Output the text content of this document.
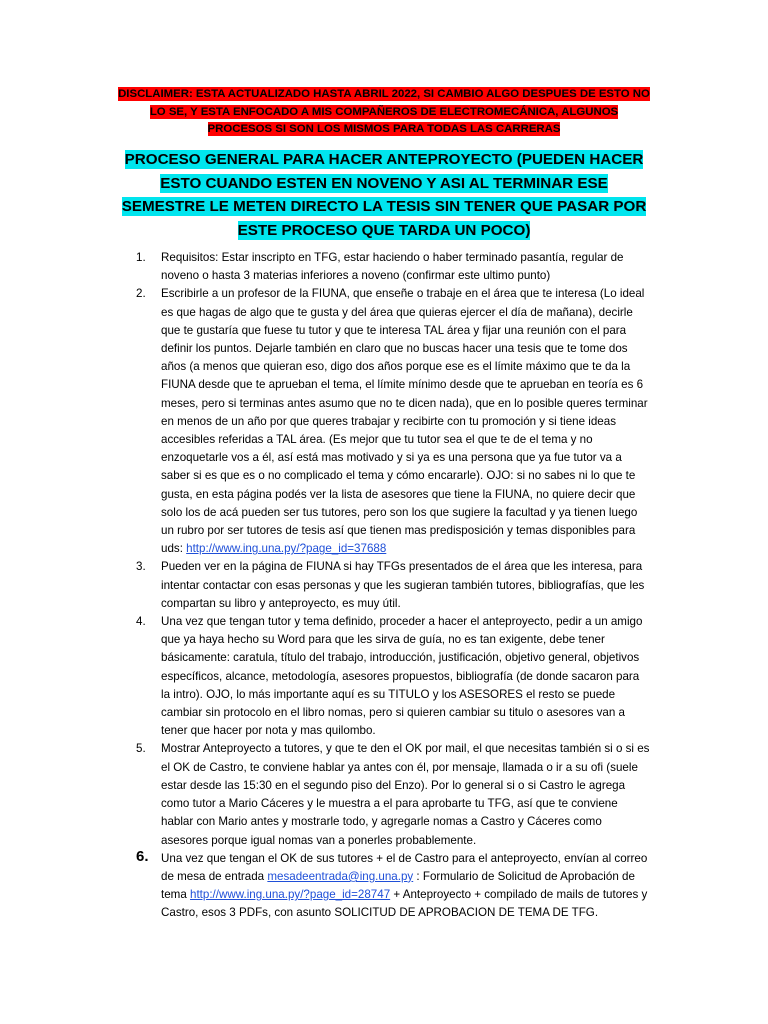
DISCLAIMER: ESTA ACTUALIZADO HASTA ABRIL 2022, SI CAMBIO ALGO DESPUES DE ESTO NO LO SE, Y ESTA ENFOCADO A MIS COMPAÑEROS DE ELECTROMECÁNICA, ALGUNOS PROCESOS SI SON LOS MISMOS PARA TODAS LAS CARRERAS
PROCESO GENERAL PARA HACER ANTEPROYECTO (PUEDEN HACER ESTO CUANDO ESTEN EN NOVENO Y ASI AL TERMINAR ESE SEMESTRE LE METEN DIRECTO LA TESIS SIN TENER QUE PASAR POR ESTE PROCESO QUE TARDA UN POCO)
1.	Requisitos: Estar inscripto en TFG, estar haciendo o haber terminado pasantía, regular de noveno o hasta 3 materias inferiores a noveno (confirmar este ultimo punto)
2.	Escribirle a un profesor de la FIUNA, que enseñe o trabaje en el área que te interesa (Lo ideal es que hagas de algo que te gusta y del área que quieras ejercer el día de mañana), decirle que te gustaría que fuese tu tutor y que te interesa TAL área y fijar una reunión con el para definir los puntos. Dejarle también en claro que no buscas hacer una tesis que te tome dos años (a menos que quieran eso, digo dos años porque ese es el límite máximo que te da la FIUNA desde que te aprueban el tema, el límite mínimo desde que te aprueban en teoría es 6 meses, pero si terminas antes asumo que no te dicen nada), que en lo posible queres terminar en menos de un año por que queres trabajar y recibirte con tu promoción y si tiene ideas accesibles referidas a TAL área. (Es mejor que tu tutor sea el que te de el tema y no enzoquetarle vos a él, así está mas motivado y si ya es una persona que ya fue tutor va a saber si es que es o no complicado el tema y cómo encararle). OJO: si no sabes ni lo que te gusta, en esta página podés ver la lista de asesores que tiene la FIUNA, no quiere decir que solo los de acá pueden ser tus tutores, pero son los que sugiere la facultad y ya tienen luego un rubro por ser tutores de tesis así que tienen mas predisposición y temas disponibles para uds: http://www.ing.una.py/?page_id=37688
3.	Pueden ver en la página de FIUNA si hay TFGs presentados de el área que les interesa, para intentar contactar con esas personas y que les sugieran también tutores, bibliografías, que les compartan su libro y anteproyecto, es muy útil.
4.	Una vez que tengan tutor y tema definido, proceder a hacer el anteproyecto, pedir a un amigo que ya haya hecho su Word para que les sirva de guía, no es tan exigente, debe tener básicamente: caratula, título del trabajo, introducción, justificación, objetivo general, objetivos específicos, alcance, metodología, asesores propuestos, bibliografía (de donde sacaron para la intro). OJO, lo más importante aquí es su TITULO y los ASESORES el resto se puede cambiar sin protocolo en el libro nomas, pero si quieren cambiar su titulo o asesores van a tener que hacer por nota y mas quilombo.
5.	Mostrar Anteproyecto a tutores, y que te den el OK por mail, el que necesitas también si o si es el OK de Castro, te conviene hablar ya antes con él, por mensaje, llamada o ir a su ofi (suele estar desde las 15:30 en el segundo piso del Enzo). Por lo general si o si Castro le agrega como tutor a Mario Cáceres y le muestra a el para aprobarte tu TFG, así que te conviene hablar con Mario antes y mostrarle todo, y agregarle nomas a Castro y Cáceres como asesores porque igual nomas van a ponerles probablemente.
6.	Una vez que tengan el OK de sus tutores + el de Castro para el anteproyecto, envían al correo de mesa de entrada mesadeentrada@ing.una.py : Formulario de Solicitud de Aprobación de tema http://www.ing.una.py/?page_id=28747 + Anteproyecto + compilado de mails de tutores y Castro, esos 3 PDFs, con asunto SOLICITUD DE APROBACION DE TEMA DE TFG.
